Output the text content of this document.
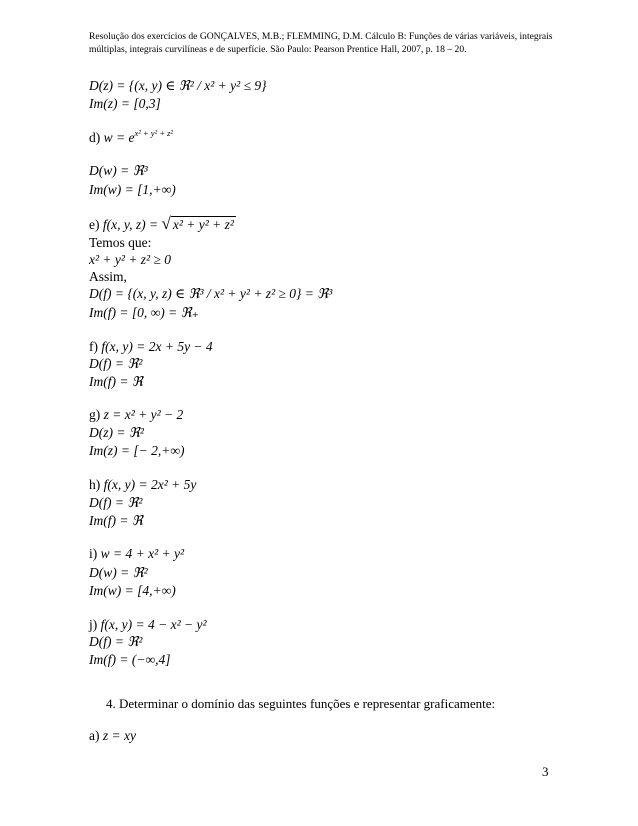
Resolução dos exercícios de GONÇALVES, M.B.; FLEMMING, D.M. Cálculo B: Funções de várias variáveis, integrais
múltiplas, integrais curvilíneas e de superfície. São Paulo: Pearson Prentice Hall, 2007, p. 18 – 20.
D(z) = {(x, y) ∈ ℜ² / x² + y² ≤ 9}
Im(z) = [0,3]
d) $w = e^{x^2 + y^2 + z^2}$
D(w) = ℜ³
Im(w) = [1,+∞)
e) f(x, y, z) = √ x² + y² + z²
Temos que:
x² + y² + z² ≥ 0
Assim,
D(f) = {(x, y, z) ∈ ℜ³ / x² + y² + z² ≥ 0} = ℜ³
Im(f) = [0, ∞) = ℜ₊
f) f(x, y) = 2x + 5y − 4
D(f) = ℜ²
Im(f) = ℜ
g) z = x² + y² − 2
D(z) = ℜ²
Im(z) = [− 2,+∞)
h) f(x, y) = 2x² + 5y
D(f) = ℜ²
Im(f) = ℜ
i) w = 4 + x² + y²
D(w) = ℜ²
Im(w) = [4,+∞)
j) f(x, y) = 4 − x² − y²
D(f) = ℜ²
Im(f) = (−∞,4]
4. Determinar o domínio das seguintes funções e representar graficamente:
a) z = xy
3
